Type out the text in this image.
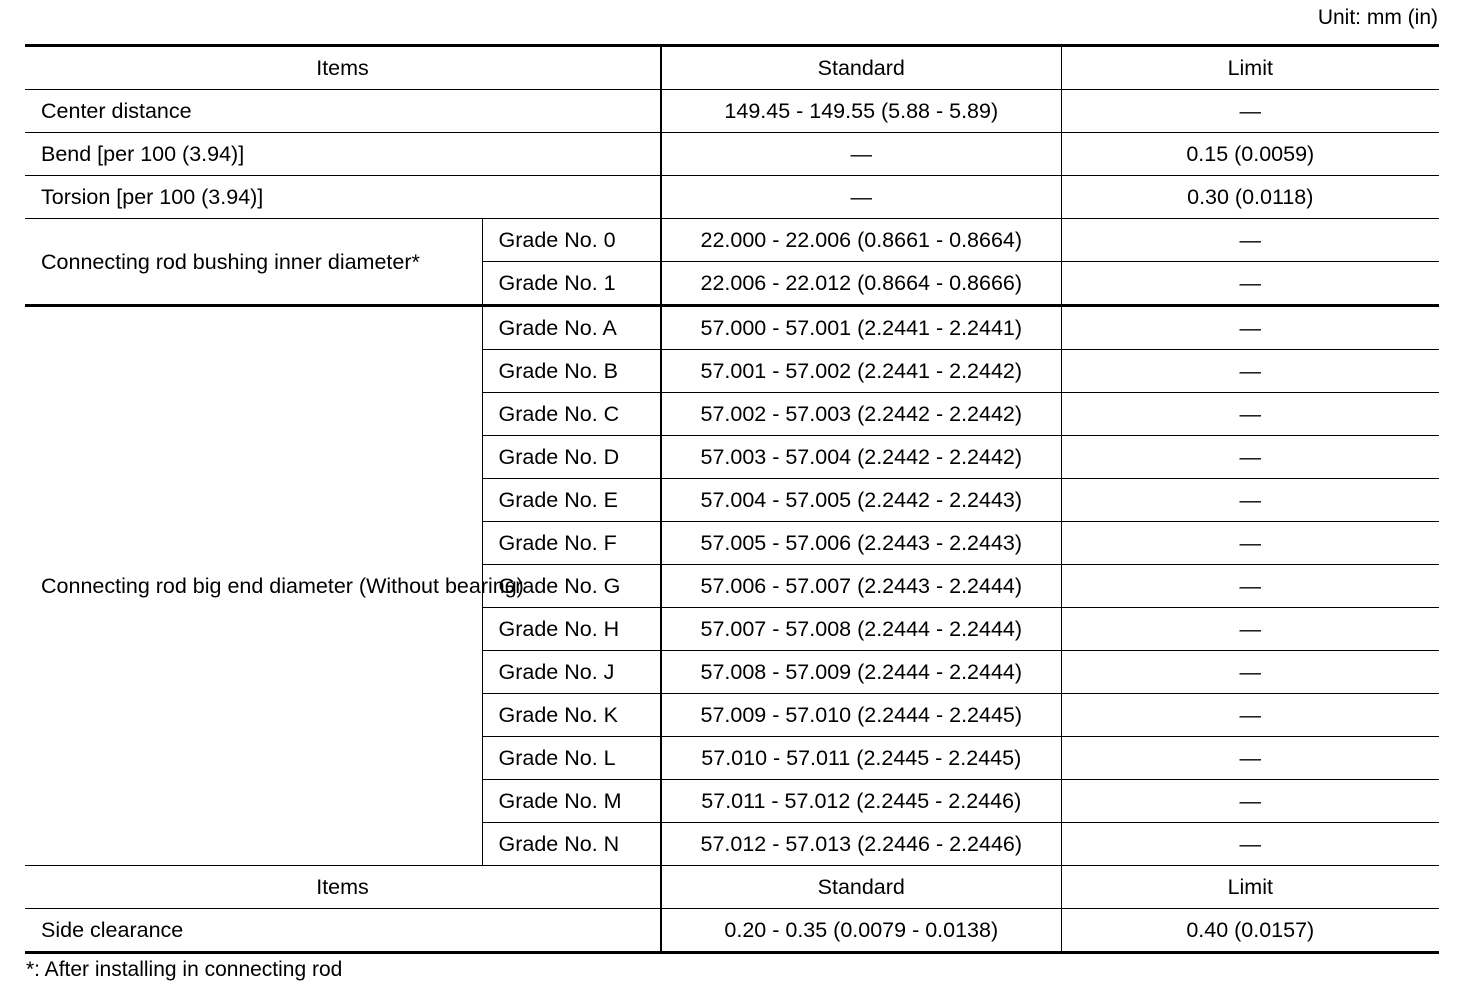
Unit: mm (in)
Items		Standard	Limit
Center distance		149.45 - 149.55 (5.88 - 5.89)	—
Bend [per 100 (3.94)]		—	0.15 (0.0059)
Torsion [per 100 (3.94)]		—	0.30 (0.0118)
Connecting rod bushing inner diameter*	Grade No. 0	22.000 - 22.006 (0.8661 - 0.8664)	—
	Grade No. 1	22.006 - 22.012 (0.8664 - 0.8666)	—
Connecting rod big end diameter (Without bearing)	Grade No. A	57.000 - 57.001 (2.2441 - 2.2441)	—
	Grade No. B	57.001 - 57.002 (2.2441 - 2.2442)	—
	Grade No. C	57.002 - 57.003 (2.2442 - 2.2442)	—
	Grade No. D	57.003 - 57.004 (2.2442 - 2.2442)	—
	Grade No. E	57.004 - 57.005 (2.2442 - 2.2443)	—
	Grade No. F	57.005 - 57.006 (2.2443 - 2.2443)	—
	Grade No. G	57.006 - 57.007 (2.2443 - 2.2444)	—
	Grade No. H	57.007 - 57.008 (2.2444 - 2.2444)	—
	Grade No. J	57.008 - 57.009 (2.2444 - 2.2444)	—
	Grade No. K	57.009 - 57.010 (2.2444 - 2.2445)	—
	Grade No. L	57.010 - 57.011 (2.2445 - 2.2445)	—
	Grade No. M	57.011 - 57.012 (2.2445 - 2.2446)	—
	Grade No. N	57.012 - 57.013 (2.2446 - 2.2446)	—
Items		Standard	Limit
Side clearance		0.20 - 0.35 (0.0079 - 0.0138)	0.40 (0.0157)
*: After installing in connecting rod
